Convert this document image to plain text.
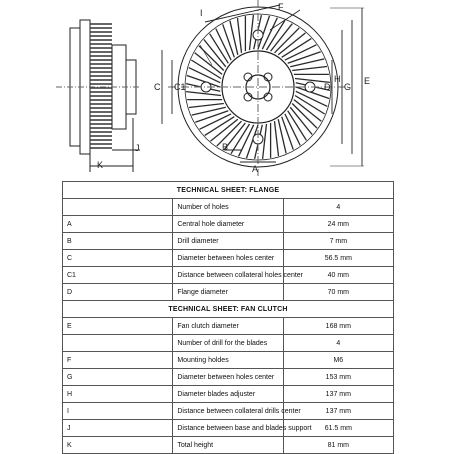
K
J
I
F
C C1	D
H
G
E
A
B
TECHNICAL SHEET: FLANGE		
	Number of holes	4
A	Central hole diameter	24 mm
B	Drill diameter	7 mm
C	Diameter between holes center	56.5 mm
C1	Distance between collateral holes center	40 mm
D	Flange diameter	70 mm
TECHNICAL SHEET: FAN CLUTCH		
E	Fan clutch diameter	168 mm
	Number of drill for the blades	4
F	Mounting holdes	M6
G	Diameter between holes center	153 mm
H	Diameter blades adjuster	137 mm
I	Distance between collateral drills center	137 mm
J	Distance between base and blades support	61.5 mm
K	Total height	81 mm
